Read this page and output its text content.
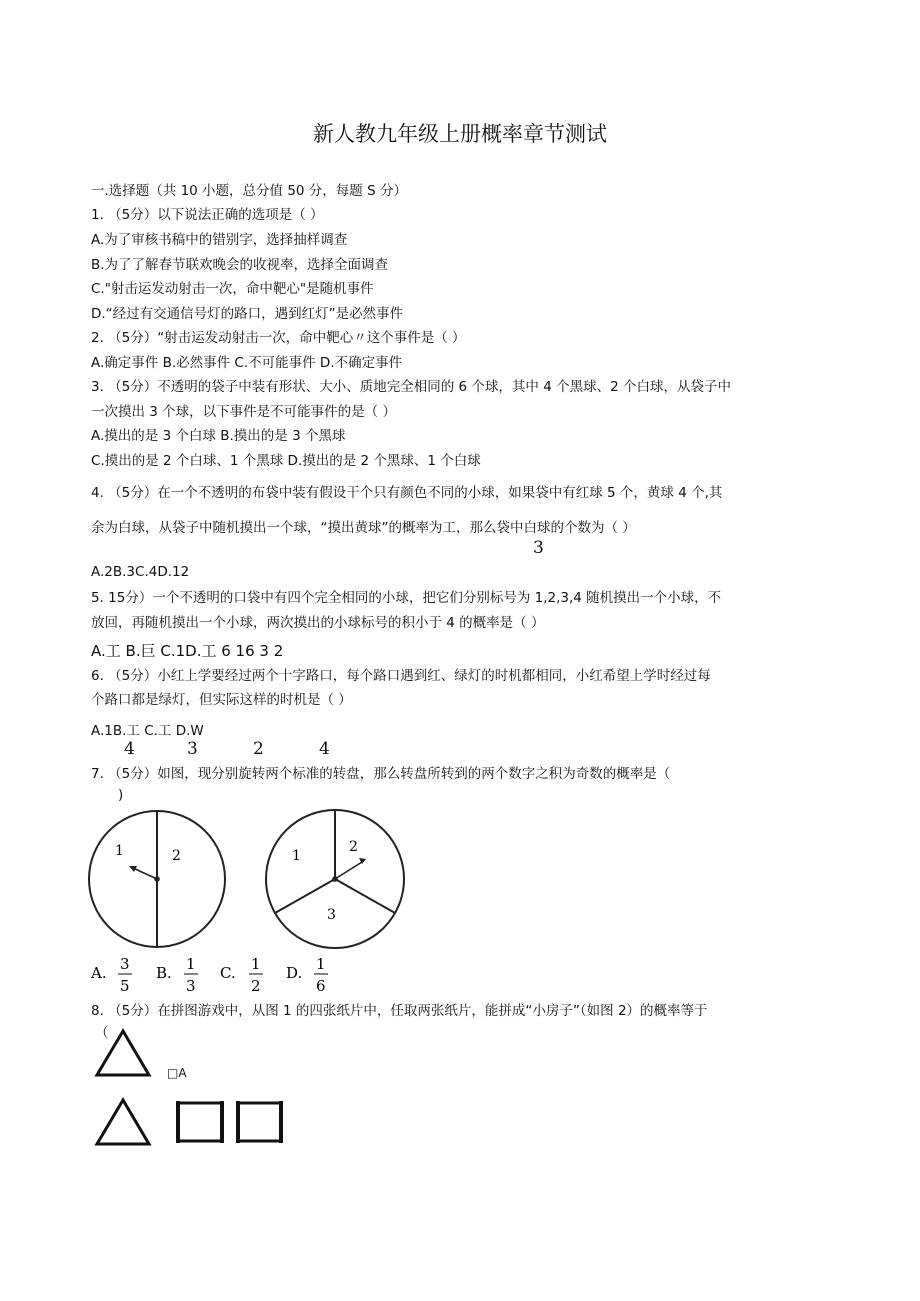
新人教九年级上册概率章节测试
一.选择题（共 10 小题，总分值 50 分，每题 S 分）
1. （5分）以下说法正确的选项是（ ）
A.为了审核书稿中的错别字，选择抽样调查
B.为了了解春节联欢晚会的收视率，选择全面调查
C."射击运发动射击一次，命中靶心"是随机事件
D.“经过有交通信号灯的路口，遇到红灯”是必然事件
2. （5分）“射击运发动射击一次，命中靶心〃这个事件是（ ）
A.确定事件 B.必然事件 C.不可能事件 D.不确定事件
3. （5分）不透明的袋子中装有形状、大小、质地完全相同的 6 个球，其中 4 个黑球、2 个白球，从袋子中
一次摸出 3 个球，以下事件是不可能事件的是（ ）
A.摸出的是 3 个白球 B.摸出的是 3 个黑球
C.摸出的是 2 个白球、1 个黑球 D.摸出的是 2 个黑球、1 个白球
4. （5分）在一个不透明的布袋中装有假设干个只有颜色不同的小球，如果袋中有红球 5 个，黄球 4 个,其
余为白球，从袋子中随机摸出一个球，“摸出黄球”的概率为工，那么袋中白球的个数为（ ）
3
A.2B.3C.4D.12
5. 15分）一个不透明的口袋中有四个完全相同的小球，把它们分别标号为 1,2,3,4 随机摸出一个小球，不
放回，再随机摸出一个小球，两次摸出的小球标号的积小于 4 的概率是（ ）
A.工 B.巨 C.1D.工 6 16 3 2
6. （5分）小红上学要经过两个十字路口，每个路口遇到红、绿灯的时机都相同，小红希望上学时经过每
个路口都是绿灯，但实际这样的时机是（ ）
A.1B.工 C.工 D.W
4	3	2	4
7. （5分）如图，现分别旋转两个标准的转盘，那么转盘所转到的两个数字之积为奇数的概率是（
)
1	2	1
2
3
A. 3
5
B. 1
3
C. 1
2
D. 1
6
8. （5分）在拼图游戏中，从图 1 的四张纸片中，任取两张纸片，能拼成“小房子”（如图 2）的概率等于
（
□A
